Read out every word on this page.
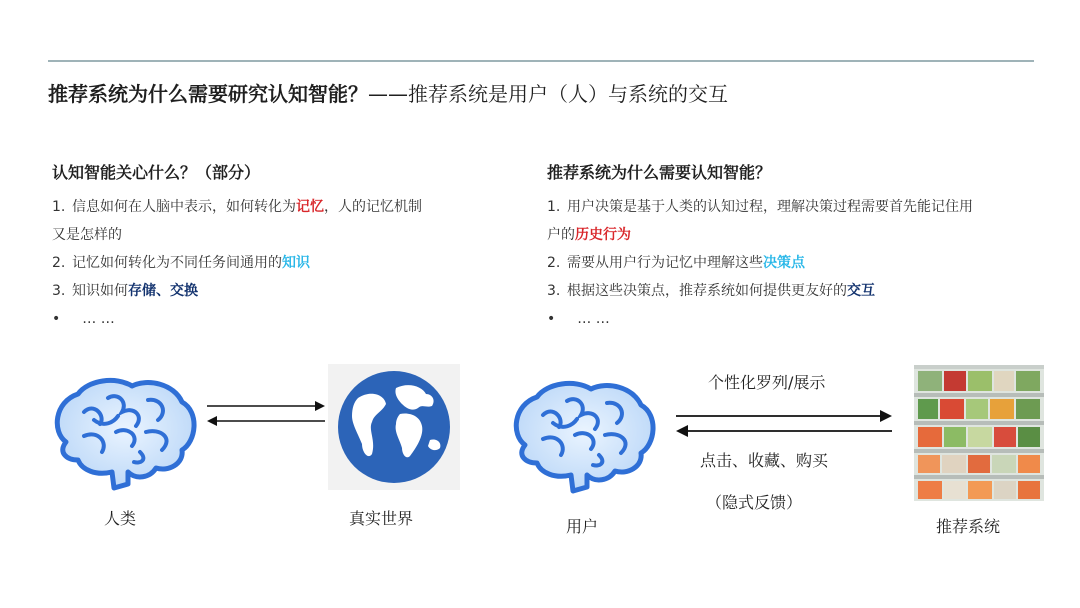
推荐系统为什么需要研究认知智能？——推荐系统是用户（人）与系统的交互
认知智能关心什么？（部分）
1. 信息如何在人脑中表示，如何转化为记忆，人的记忆机制
又是怎样的
2. 记忆如何转化为不同任务间通用的知识
3. 知识如何存储、交换
• … …
推荐系统为什么需要认知智能？
1. 用户决策是基于人类的认知过程，理解决策过程需要首先能记住用
户的历史行为
2. 需要从用户行为记忆中理解这些决策点
3. 根据这些决策点，推荐系统如何提供更友好的交互
• … …
人类	真实世界
个性化罗列/展示
点击、收藏、购买
（隐式反馈）
用户	推荐系统
